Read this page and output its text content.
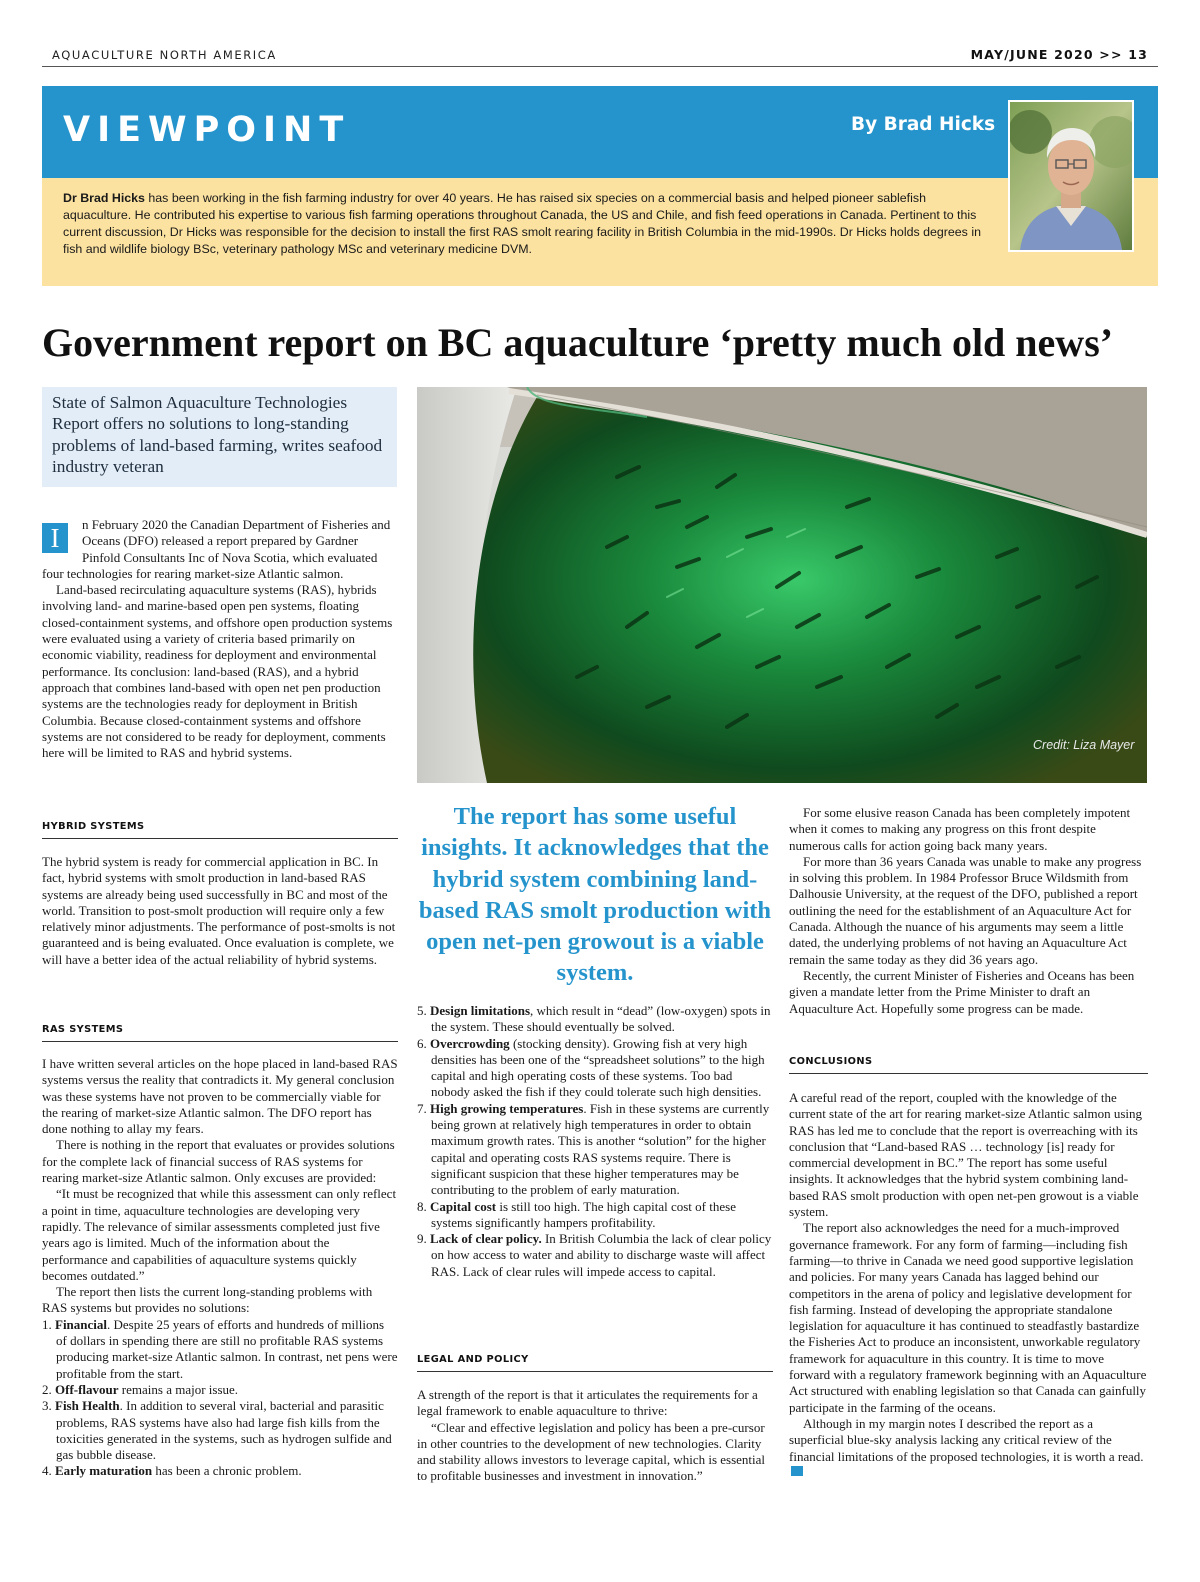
AQUACULTURE NORTH AMERICA	MAY/JUNE 2020 >> 13
VIEWPOINT	By Brad Hicks
Dr Brad Hicks has been working in the fish farming industry for over 40 years. He has raised six species on a commercial basis and helped pioneer sablefish aquaculture. He contributed his expertise to various fish farming operations throughout Canada, the US and Chile, and fish feed operations in Canada. Pertinent to this current discussion, Dr Hicks was responsible for the decision to install the first RAS smolt rearing facility in British Columbia in the mid-1990s. Dr Hicks holds degrees in fish and wildlife biology BSc, veterinary pathology MSc and veterinary medicine DVM.
Government report on BC aquaculture ‘pretty much old news’
State of Salmon Aquaculture Technologies Report offers no solutions to long-standing problems of land-based farming, writes seafood industry veteran
Credit: Liza Mayer
The report has some useful insights. It acknowledges that the hybrid system combining land-based RAS smolt production with open net-pen growout is a viable system.
I	n February 2020 the Canadian Department of Fisheries and Oceans (DFO) released a report prepared by Gardner Pinfold Consultants Inc of Nova Scotia, which evaluated four technologies for rearing market-size Atlantic salmon.

Land-based recirculating aquaculture systems (RAS), hybrids involving land- and marine-based open pen systems, floating closed-containment systems, and offshore open production systems were evaluated using a variety of criteria based primarily on economic viability, readiness for deployment and environmental performance. Its conclusion: land-based (RAS), and a hybrid approach that combines land-based with open net pen production systems are the technologies ready for deployment in British Columbia. Because closed-containment systems and offshore systems are not considered to be ready for deployment, comments here will be limited to RAS and hybrid systems.

HYBRID SYSTEMS

The hybrid system is ready for commercial application in BC. In fact, hybrid systems with smolt production in land-based RAS systems are already being used successfully in BC and most of the world. Transition to post-smolt production will require only a few relatively minor adjustments. The performance of post-smolts is not guaranteed and is being evaluated. Once evaluation is complete, we will have a better idea of the actual reliability of hybrid systems.

RAS SYSTEMS

I have written several articles on the hope placed in land-based RAS systems versus the reality that contradicts it. My general conclusion was these systems have not proven to be commercially viable for the rearing of market-size Atlantic salmon. The DFO report has done nothing to allay my fears.

There is nothing in the report that evaluates or provides solutions for the complete lack of financial success of RAS systems for rearing market-size Atlantic salmon. Only excuses are provided:

“It must be recognized that while this assessment can only reflect a point in time, aquaculture technologies are developing very rapidly. The relevance of similar assessments completed just five years ago is limited. Much of the information about the performance and capabilities of aquaculture systems quickly becomes outdated.”

The report then lists the current long-standing problems with RAS systems but provides no solutions:

1. Financial. Despite 25 years of efforts and hundreds of millions of dollars in spending there are still no profitable RAS systems producing market-size Atlantic salmon. In contrast, net pens were profitable from the start.
2. Off-flavour remains a major issue.
3. Fish Health. In addition to several viral, bacterial and parasitic problems, RAS systems have also had large fish kills from the toxicities generated in the systems, such as hydrogen sulfide and gas bubble disease.
4. Early maturation has been a chronic problem.
5. Design limitations, which result in “dead” (low-oxygen) spots in the system. These should eventually be solved.
6. Overcrowding (stocking density). Growing fish at very high densities has been one of the “spreadsheet solutions” to the high capital and high operating costs of these systems. Too bad nobody asked the fish if they could tolerate such high densities.
7. High growing temperatures. Fish in these systems are currently being grown at relatively high temperatures in order to obtain maximum growth rates. This is another “solution” for the higher capital and operating costs RAS systems require. There is significant suspicion that these higher temperatures may be contributing to the problem of early maturation.
8. Capital cost is still too high. The high capital cost of these systems significantly hampers profitability.
9. Lack of clear policy. In British Columbia the lack of clear policy on how access to water and ability to discharge waste will affect RAS. Lack of clear rules will impede access to capital.
LEGAL AND POLICY

A strength of the report is that it articulates the requirements for a legal framework to enable aquaculture to thrive:

“Clear and effective legislation and policy has been a pre-cursor in other countries to the development of new technologies. Clarity and stability allows investors to leverage capital, which is essential to profitable businesses and investment in innovation.”

For some elusive reason Canada has been completely impotent when it comes to making any progress on this front despite numerous calls for action going back many years.

For more than 36 years Canada was unable to make any progress in solving this problem. In 1984 Professor Bruce Wildsmith from Dalhousie University, at the request of the DFO, published a report outlining the need for the establishment of an Aquaculture Act for Canada. Although the nuance of his arguments may seem a little dated, the underlying problems of not having an Aquaculture Act remain the same today as they did 36 years ago.

Recently, the current Minister of Fisheries and Oceans has been given a mandate letter from the Prime Minister to draft an Aquaculture Act. Hopefully some progress can be made.

CONCLUSIONS

A careful read of the report, coupled with the knowledge of the current state of the art for rearing market-size Atlantic salmon using RAS has led me to conclude that the report is overreaching with its conclusion that “Land-based RAS … technology [is] ready for commercial development in BC.” The report has some useful insights. It acknowledges that the hybrid system combining land-based RAS smolt production with open net-pen growout is a viable system.

The report also acknowledges the need for a much-improved governance framework. For any form of farming—including fish farming—to thrive in Canada we need good supportive legislation and policies. For many years Canada has lagged behind our competitors in the arena of policy and legislative development for fish farming. Instead of developing the appropriate standalone legislation for aquaculture it has continued to steadfastly bastardize the Fisheries Act to produce an inconsistent, unworkable regulatory framework for aquaculture in this country. It is time to move forward with a regulatory framework beginning with an Aquaculture Act structured with enabling legislation so that Canada can gainfully participate in the farming of the oceans.

Although in my margin notes I described the report as a superficial blue-sky analysis lacking any critical review of the financial limitations of the proposed technologies, it is worth a read.
ANA
